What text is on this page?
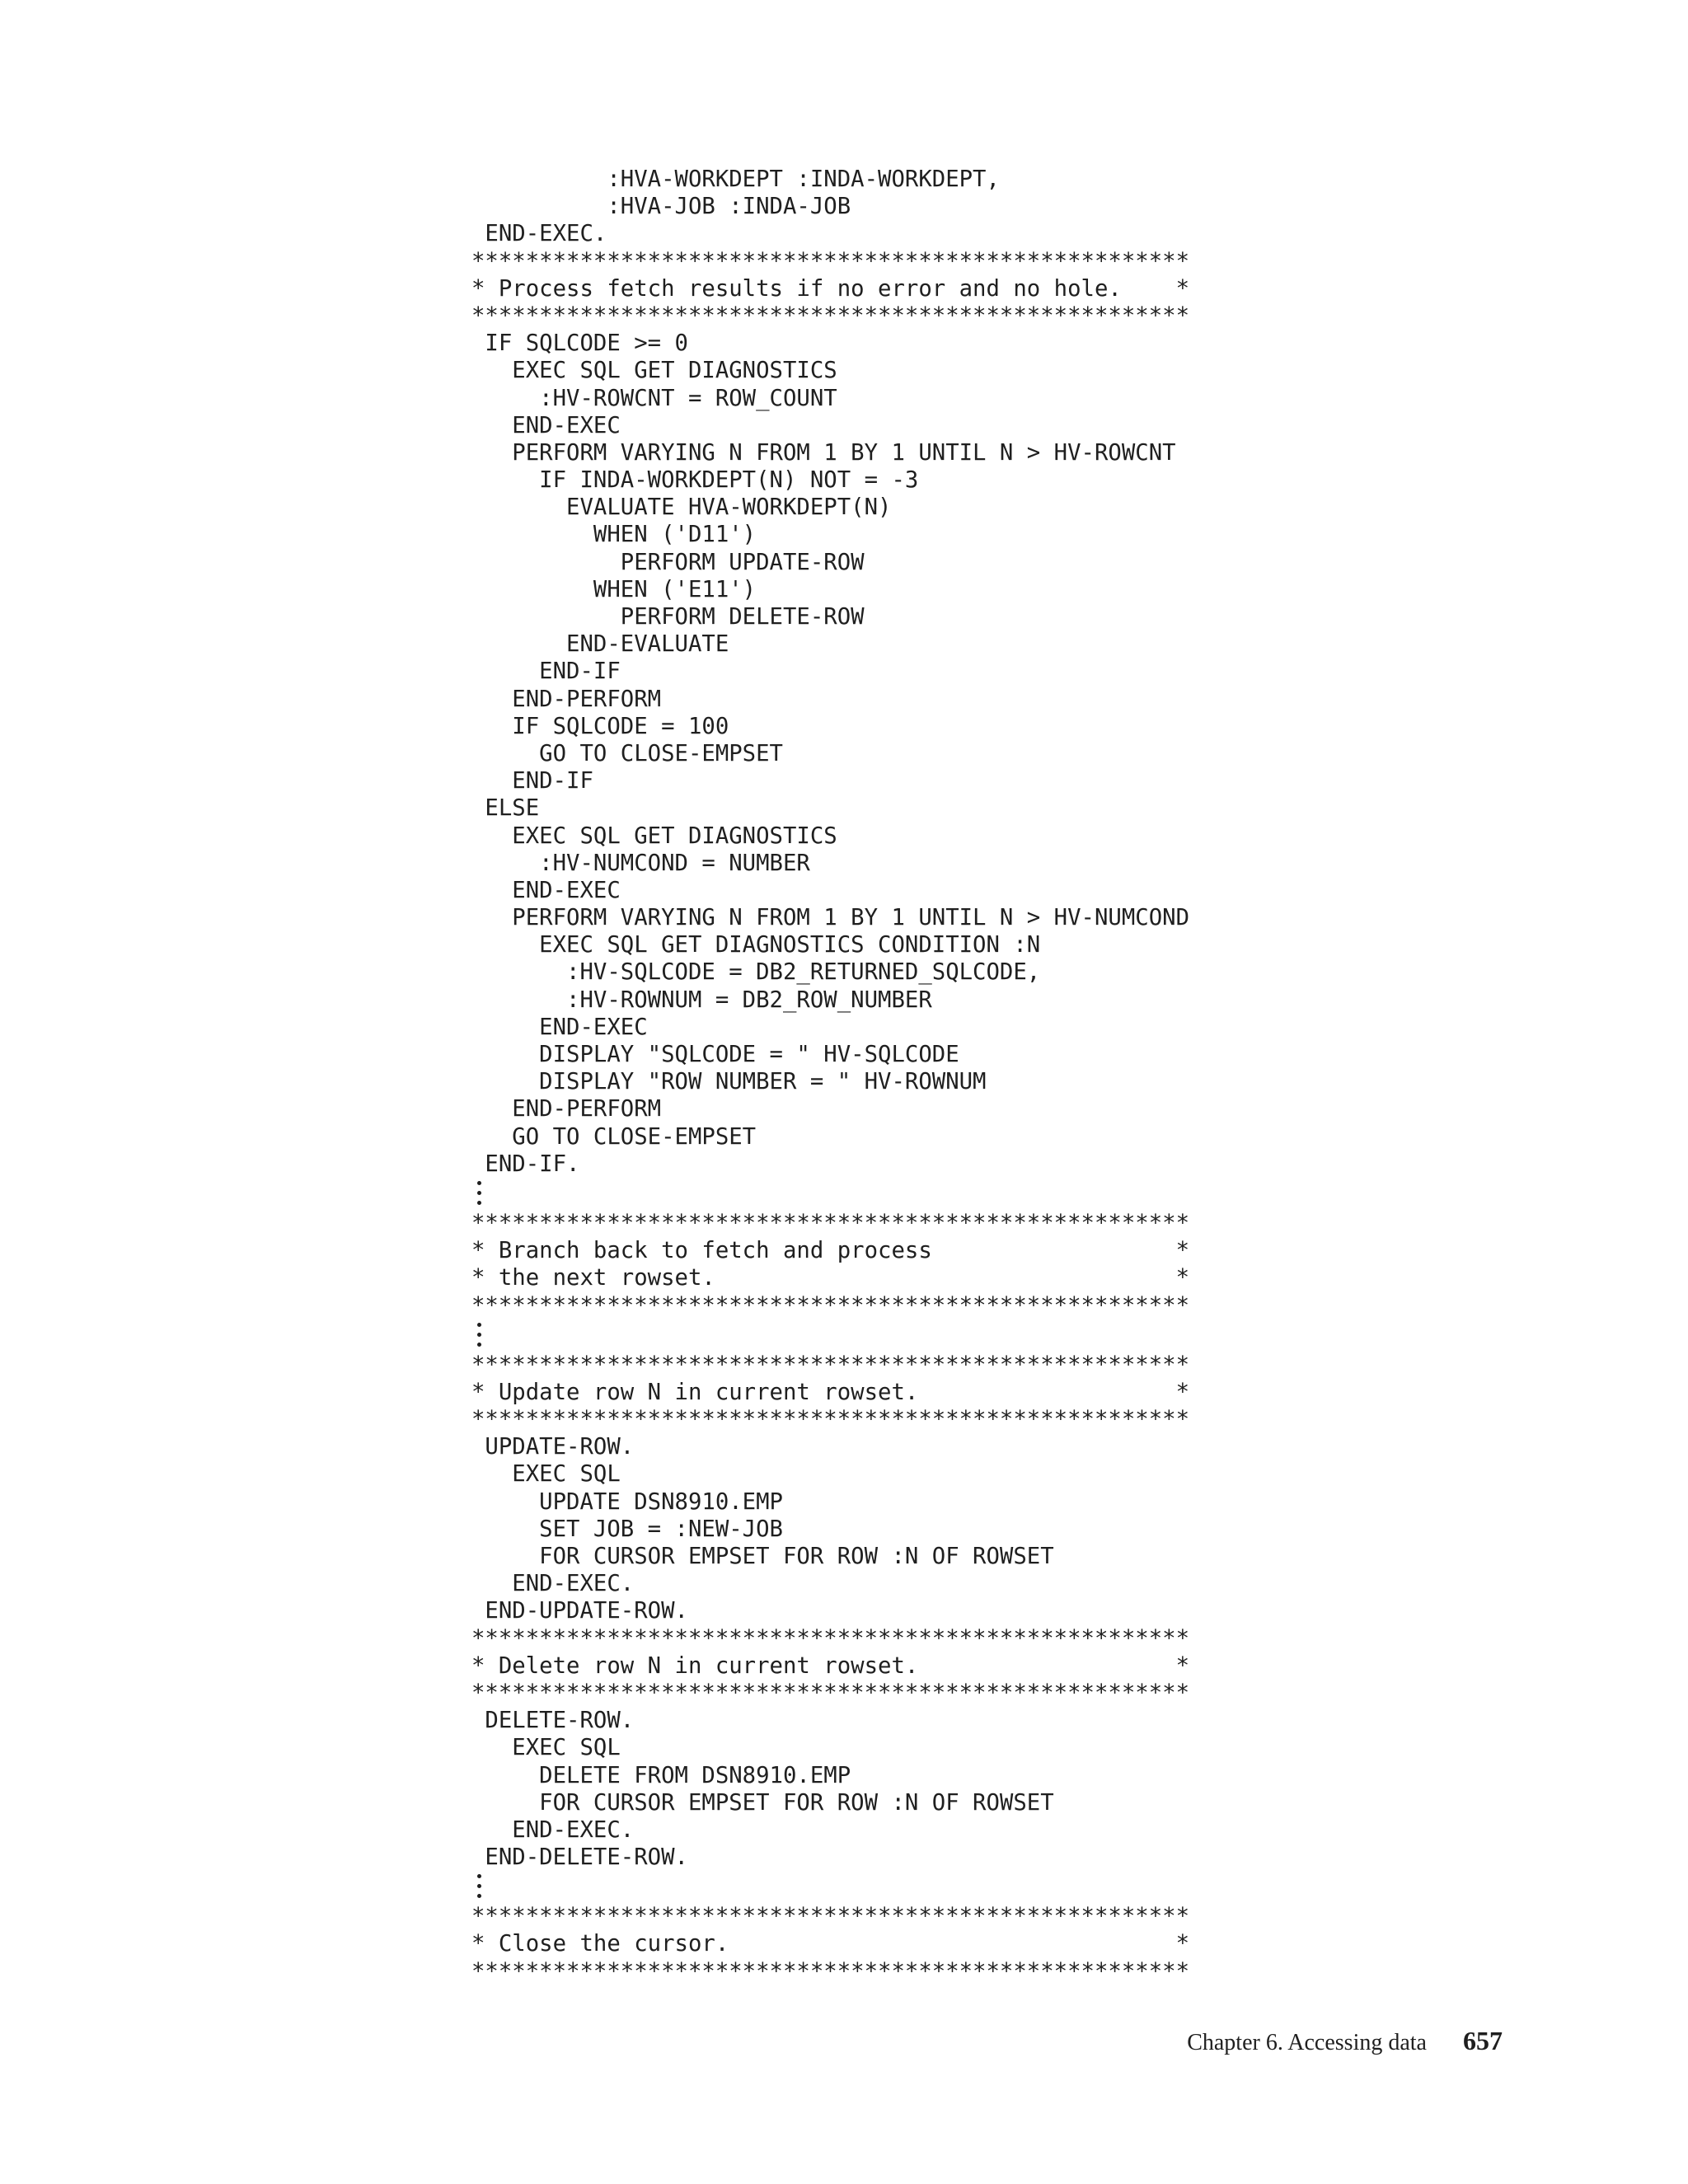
:HVA-WORKDEPT :INDA-WORKDEPT,
:HVA-JOB :INDA-JOB
END-EXEC.
*****************************************************
* Process fetch results if no error and no hole.    *
*****************************************************
IF SQLCODE >= 0
EXEC SQL GET DIAGNOSTICS
:HV-ROWCNT = ROW_COUNT
END-EXEC
PERFORM VARYING N FROM 1 BY 1 UNTIL N > HV-ROWCNT
IF INDA-WORKDEPT(N) NOT = -3
EVALUATE HVA-WORKDEPT(N)
WHEN ('D11')
PERFORM UPDATE-ROW
WHEN ('E11')
PERFORM DELETE-ROW
END-EVALUATE
END-IF
END-PERFORM
IF SQLCODE = 100
GO TO CLOSE-EMPSET
END-IF
ELSE
EXEC SQL GET DIAGNOSTICS
:HV-NUMCOND = NUMBER
END-EXEC
PERFORM VARYING N FROM 1 BY 1 UNTIL N > HV-NUMCOND
EXEC SQL GET DIAGNOSTICS CONDITION :N
:HV-SQLCODE = DB2_RETURNED_SQLCODE,
:HV-ROWNUM = DB2_ROW_NUMBER
END-EXEC
DISPLAY "SQLCODE = " HV-SQLCODE
DISPLAY "ROW NUMBER = " HV-ROWNUM
END-PERFORM
GO TO CLOSE-EMPSET
END-IF.
*****************************************************
* Branch back to fetch and process                  *
* the next rowset.                                  *
*****************************************************
*****************************************************
* Update row N in current rowset.                   *
*****************************************************
UPDATE-ROW.
EXEC SQL
UPDATE DSN8910.EMP
SET JOB = :NEW-JOB
FOR CURSOR EMPSET FOR ROW :N OF ROWSET
END-EXEC.
END-UPDATE-ROW.
*****************************************************
* Delete row N in current rowset.                   *
*****************************************************
DELETE-ROW.
EXEC SQL
DELETE FROM DSN8910.EMP
FOR CURSOR EMPSET FOR ROW :N OF ROWSET
END-EXEC.
END-DELETE-ROW.
*****************************************************
* Close the cursor.                                 *
*****************************************************
Chapter 6. Accessing data 657
